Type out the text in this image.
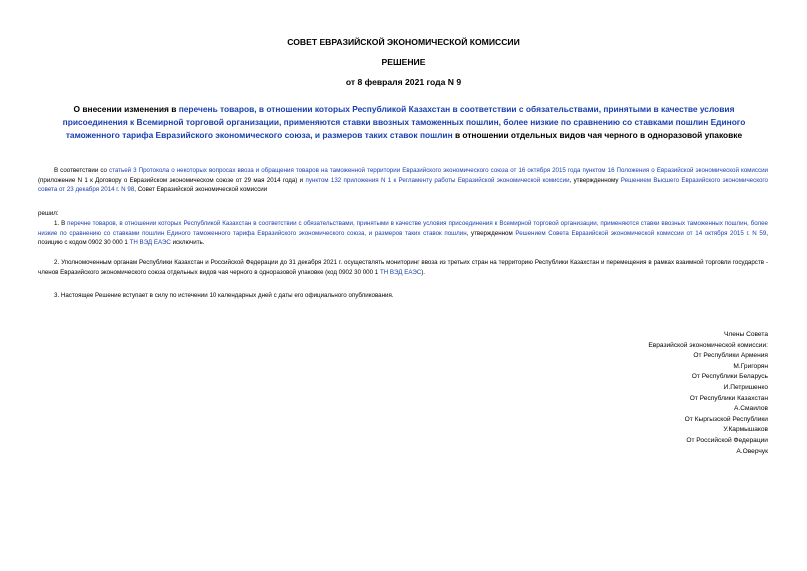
СОВЕТ ЕВРАЗИЙСКОЙ ЭКОНОМИЧЕСКОЙ КОМИССИИ
РЕШЕНИЕ
от 8 февраля 2021 года N 9
О внесении изменения в перечень товаров, в отношении которых Республикой Казахстан в соответствии с обязательствами, принятыми в качестве условия присоединения к Всемирной торговой организации, применяются ставки ввозных таможенных пошлин, более низкие по сравнению со ставками пошлин Единого таможенного тарифа Евразийского экономического союза, и размеров таких ставок пошлин в отношении отдельных видов чая черного в одноразовой упаковке
В соответствии со статьей 3 Протокола о некоторых вопросах ввоза и обращения товаров на таможенной территории Евразийского экономического союза от 16 октября 2015 года пунктом 16 Положения о Евразийской экономической комиссии (приложение N 1 к Договору о Евразийском экономическом союзе от 29 мая 2014 года) и пунктом 132 приложения N 1 к Регламенту работы Евразийской экономической комиссии, утвержденному Решением Высшего Евразийского экономического совета от 23 декабря 2014 г. N 98, Совет Евразийской экономической комиссии
решил:
1. В перечне товаров, в отношении которых Республикой Казахстан в соответствии с обязательствами, принятыми в качестве условия присоединения к Всемирной торговой организации, применяются ставки ввозных таможенных пошлин, более низкие по сравнению со ставками пошлин Единого таможенного тарифа Евразийского экономического союза, и размеров таких ставок пошлин, утвержденном Решением Совета Евразийской экономической комиссии от 14 октября 2015 г. N 59, позицию с кодом 0902 30 000 1 ТН ВЭД ЕАЭС исключить.
2. Уполномоченным органам Республики Казахстан и Российской Федерации до 31 декабря 2021 г. осуществлять мониторинг ввоза из третьих стран на территорию Республики Казахстан и перемещения в рамках взаимной торговли государств - членов Евразийского экономического союза отдельных видов чая черного в одноразовой упаковке (код 0902 30 000 1 ТН ВЭД ЕАЭС).
3. Настоящее Решение вступает в силу по истечении 10 календарных дней с даты его официального опубликования.
Члены Совета
Евразийской экономической комиссии:
От Республики Армения
М.Григорян
От Республики Беларусь
И.Петришенко
От Республики Казахстан
А.Смаилов
От Кыргызской Республики
У.Кармышаков
От Российской Федерации
А.Оверчук
